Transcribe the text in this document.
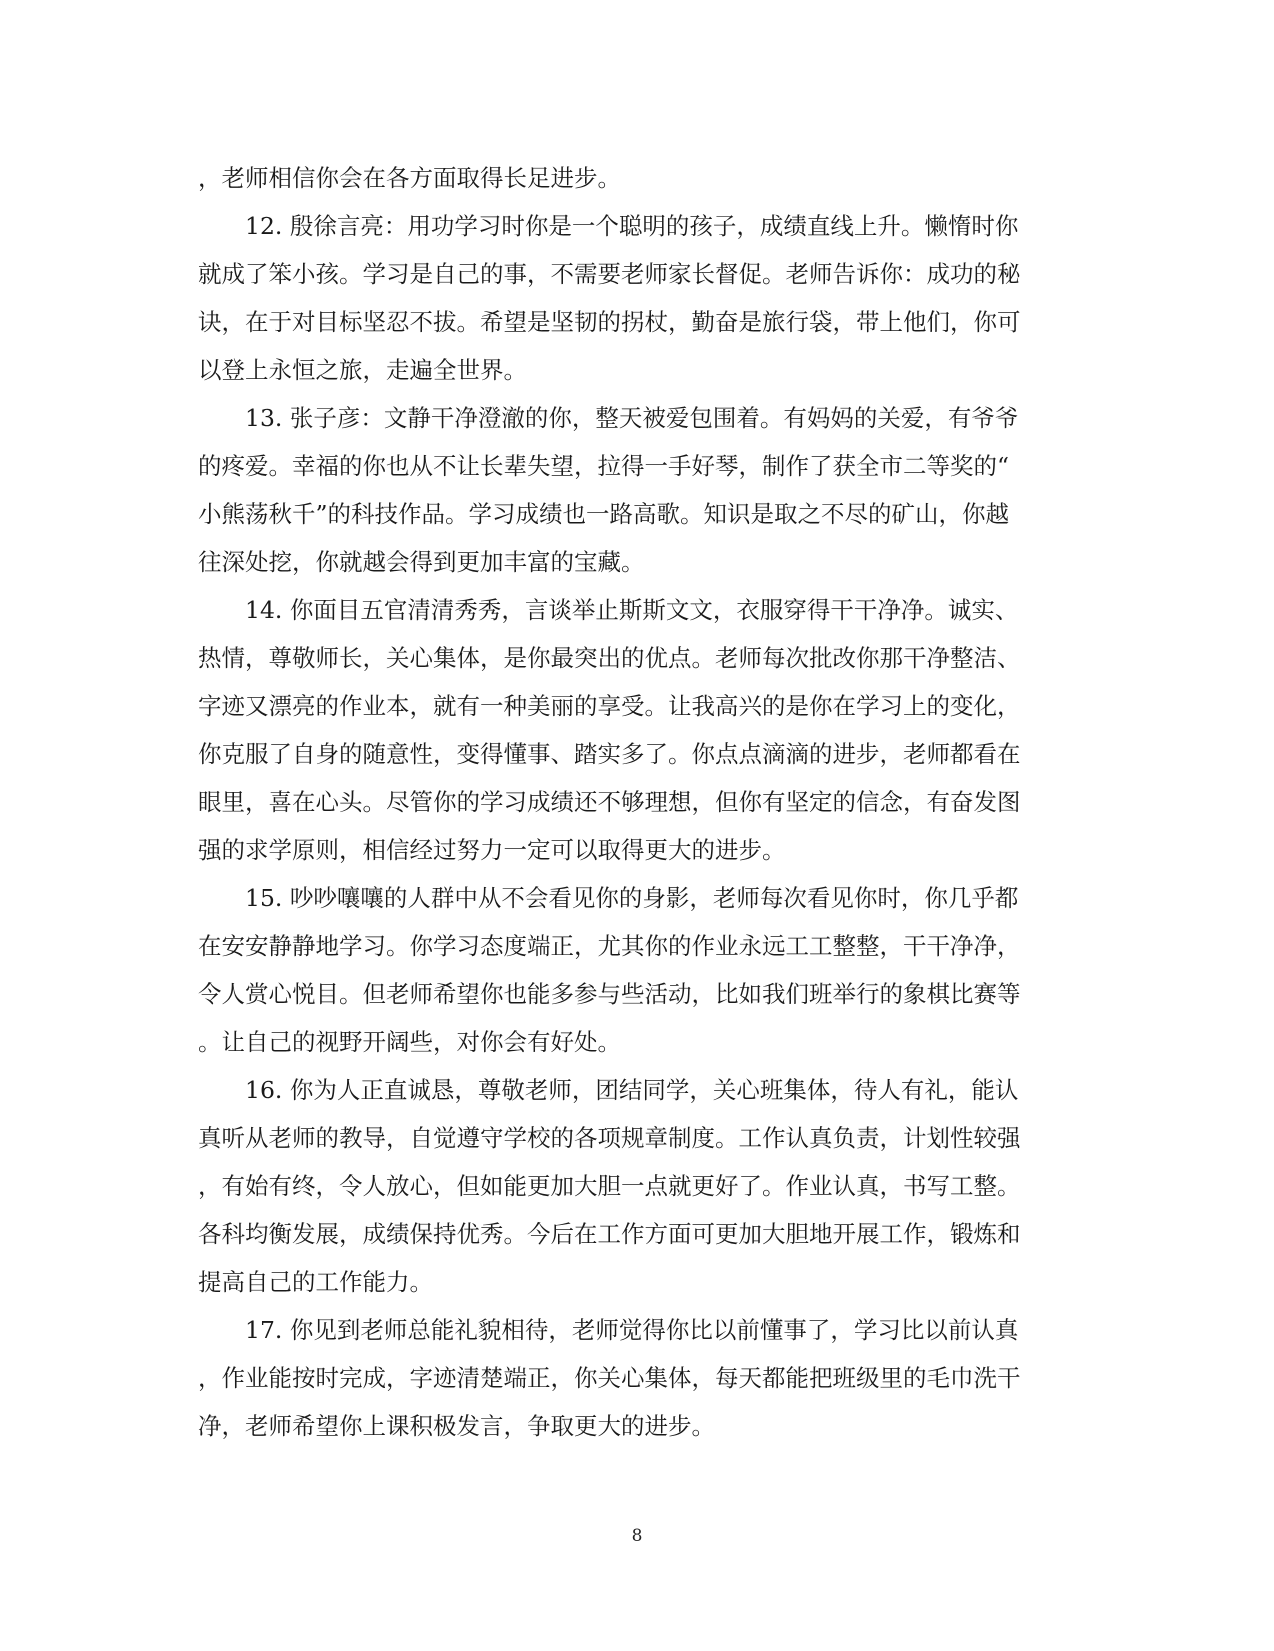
，老师相信你会在各方面取得长足进步。
12. 殷徐言亮：用功学习时你是一个聪明的孩子，成绩直线上升。懒惰时你
就成了笨小孩。学习是自己的事，不需要老师家长督促。老师告诉你：成功的秘
诀，在于对目标坚忍不拔。希望是坚韧的拐杖，勤奋是旅行袋，带上他们，你可
以登上永恒之旅，走遍全世界。
13. 张子彦：文静干净澄澈的你，整天被爱包围着。有妈妈的关爱，有爷爷
的疼爱。幸福的你也从不让长辈失望，拉得一手好琴，制作了获全市二等奖的“
小熊荡秋千”的科技作品。学习成绩也一路高歌。知识是取之不尽的矿山，你越
往深处挖，你就越会得到更加丰富的宝藏。
14. 你面目五官清清秀秀，言谈举止斯斯文文，衣服穿得干干净净。诚实、
热情，尊敬师长，关心集体，是你最突出的优点。老师每次批改你那干净整洁、
字迹又漂亮的作业本，就有一种美丽的享受。让我高兴的是你在学习上的变化，
你克服了自身的随意性，变得懂事、踏实多了。你点点滴滴的进步，老师都看在
眼里，喜在心头。尽管你的学习成绩还不够理想，但你有坚定的信念，有奋发图
强的求学原则，相信经过努力一定可以取得更大的进步。
15. 吵吵嚷嚷的人群中从不会看见你的身影，老师每次看见你时，你几乎都
在安安静静地学习。你学习态度端正，尤其你的作业永远工工整整，干干净净，
令人赏心悦目。但老师希望你也能多参与些活动，比如我们班举行的象棋比赛等
。让自己的视野开阔些，对你会有好处。
16. 你为人正直诚恳，尊敬老师，团结同学，关心班集体，待人有礼，能认
真听从老师的教导，自觉遵守学校的各项规章制度。工作认真负责，计划性较强
，有始有终，令人放心，但如能更加大胆一点就更好了。作业认真，书写工整。
各科均衡发展，成绩保持优秀。今后在工作方面可更加大胆地开展工作，锻炼和
提高自己的工作能力。
17. 你见到老师总能礼貌相待，老师觉得你比以前懂事了，学习比以前认真
，作业能按时完成，字迹清楚端正，你关心集体，每天都能把班级里的毛巾洗干
净，老师希望你上课积极发言，争取更大的进步。
8
